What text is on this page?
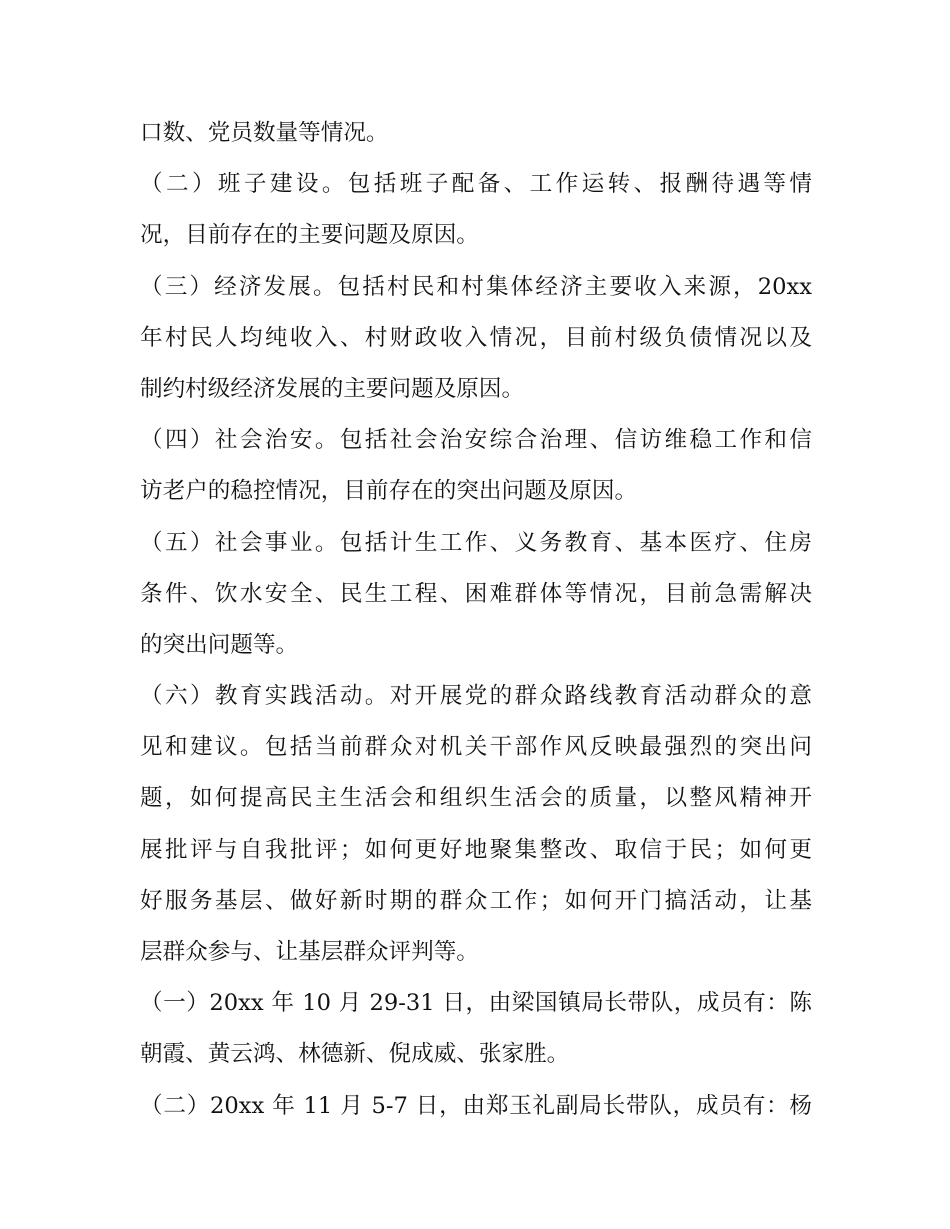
口数、党员数量等情况。
（二）班子建设。包括班子配备、工作运转、报酬待遇等情
况，目前存在的主要问题及原因。
（三）经济发展。包括村民和村集体经济主要收入来源，20xx
年村民人均纯收入、村财政收入情况，目前村级负债情况以及
制约村级经济发展的主要问题及原因。
（四）社会治安。包括社会治安综合治理、信访维稳工作和信
访老户的稳控情况，目前存在的突出问题及原因。
（五）社会事业。包括计生工作、义务教育、基本医疗、住房
条件、饮水安全、民生工程、困难群体等情况，目前急需解决
的突出问题等。
（六）教育实践活动。对开展党的群众路线教育活动群众的意
见和建议。包括当前群众对机关干部作风反映最强烈的突出问
题，如何提高民主生活会和组织生活会的质量，以整风精神开
展批评与自我批评；如何更好地聚集整改、取信于民；如何更
好服务基层、做好新时期的群众工作；如何开门搞活动，让基
层群众参与、让基层群众评判等。
（一）20xx 年 10 月 29-31 日，由梁国镇局长带队，成员有：陈
朝霞、黄云鸿、林德新、倪成威、张家胜。
（二）20xx 年 11 月 5-7 日，由郑玉礼副局长带队，成员有：杨
